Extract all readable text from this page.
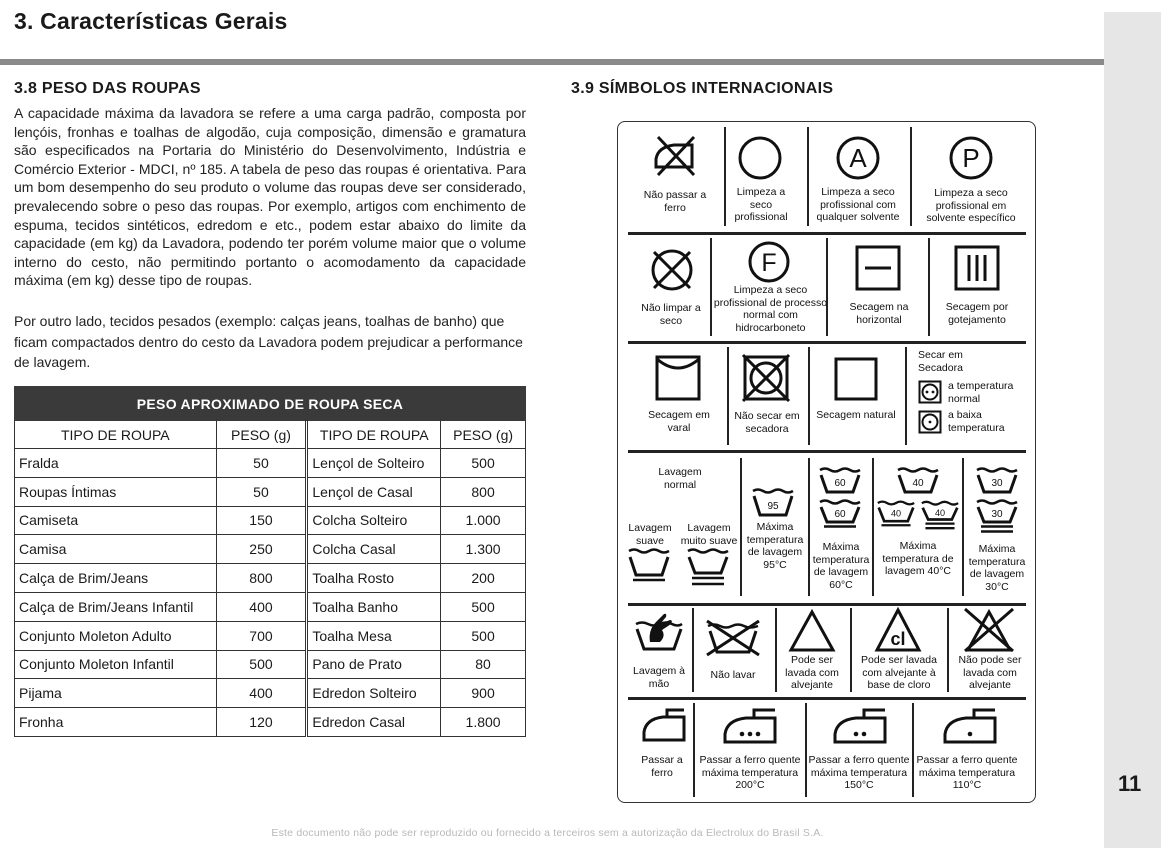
3. Características Gerais
3.8 PESO DAS ROUPAS	3.9 SÍMBOLOS INTERNACIONAIS

A capacidade máxima da lavadora se refere a uma carga padrão, composta por lençóis, fronhas e toalhas de algodão, cuja composição, dimensão e gramatura são especificados na Portaria do Ministério do Desenvolvimento, Indústria e Comércio Exterior - MDCI, nº 185. A tabela de peso das roupas é orientativa. Para um bom desempenho do seu produto o volume das roupas deve ser considerado, prevalecendo sobre o peso das roupas. Por exemplo, artigos com enchimento de espuma, tecidos sintéticos, edredom e etc., podem estar abaixo do limite da capacidade (em kg) da Lavadora, podendo ter porém volume maior que o volume interno do cesto, não permitindo portanto o acomodamento da capacidade máxima (em kg) desse tipo de roupas.

Por outro lado, tecidos pesados (exemplo: calças jeans, toalhas de banho) que ficam compactados dentro do cesto da Lavadora podem prejudicar a performance de lavagem.

PESO APROXIMADO DE ROUPA SECA			
TIPO DE ROUPA	PESO (g)	TIPO DE ROUPA	PESO (g)
Fralda	50	Lençol de Solteiro	500
Roupas Íntimas	50	Lençol de Casal	800
Camiseta	150	Colcha Solteiro	1.000
Camisa	250	Colcha Casal	1.300
Calça de Brim/Jeans	800	Toalha Rosto	200
Calça de Brim/Jeans Infantil	400	Toalha Banho	500
Conjunto Moleton Adulto	700	Toalha Mesa	500
Conjunto Moleton Infantil	500	Pano de Prato	80
Pijama	400	Edredon Solteiro	900
Fronha	120	Edredon Casal	1.800
Não passar a ferro
Limpeza a seco profissional
A
Limpeza a seco profissional com qualquer solvente
P
Limpeza a seco profissional em solvente específico
Não limpar a seco
F
Limpeza a seco profissional de processo normal com hidrocarboneto
Secagem na horizontal
Secagem por gotejamento
Secagem em varal
Não secar em secadora
Secagem natural
Secar em Secadora
a temperatura normal
a baixa temperatura
Lavagem normal
Lavagem suave
Lavagem muito suave
95
Máxima temperatura de lavagem 95°C
60
60
Máxima temperatura de lavagem 60°C
40
40	40
Máxima temperatura de lavagem 40°C
30
30
Máxima temperatura de lavagem 30°C
Lavagem à mão
Não lavar
Pode ser lavada com alvejante
cl
Pode ser lavada com alvejante à base de cloro
Não pode ser lavada com alvejante
Passar a ferro
Passar a ferro quente máxima temperatura 200°C
Passar a ferro quente máxima temperatura 150°C
Passar a ferro quente máxima temperatura 110°C	11
Este documento não pode ser reproduzido ou fornecido a terceiros sem a autorização da Electrolux do Brasil S.A.
